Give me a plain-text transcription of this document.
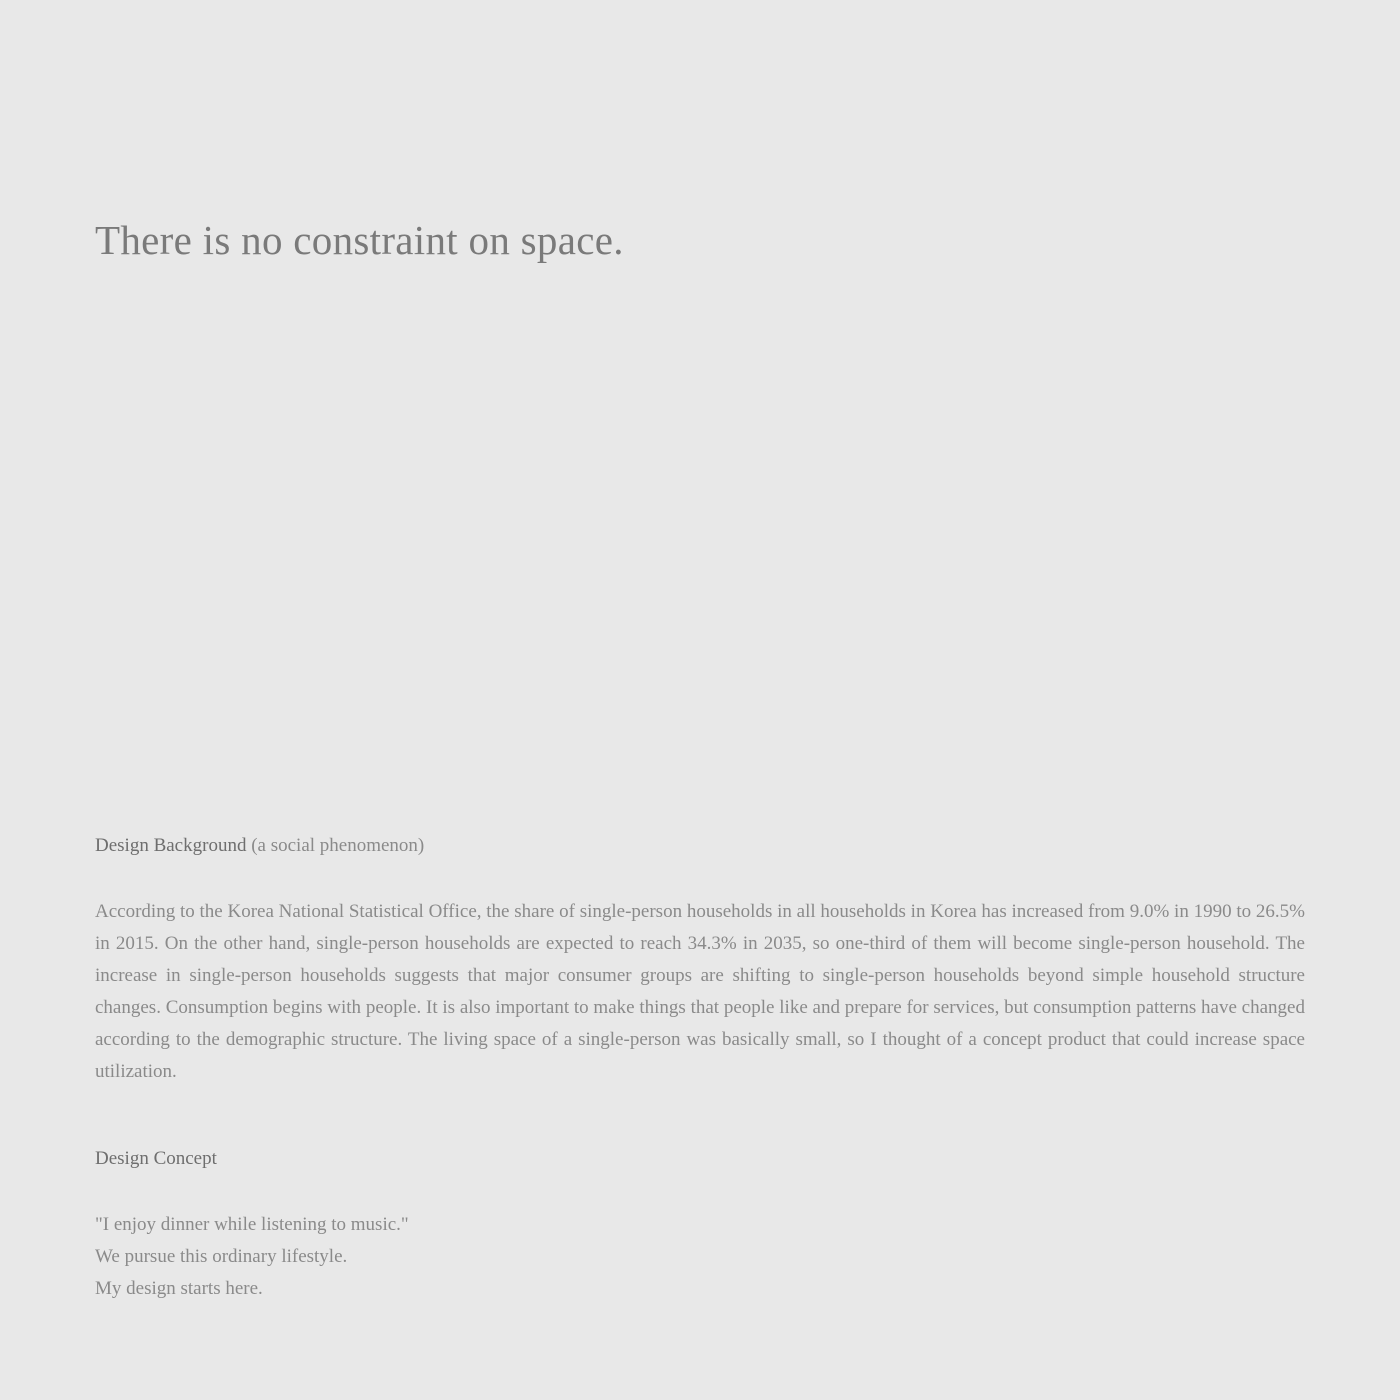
There is no constraint on space.
Design Background (a social phenomenon)

According to the Korea National Statistical Office, the share of single-person households in all households in Korea has increased from 9.0% in 1990 to 26.5% in 2015. On the other hand, single-person households are expected to reach 34.3% in 2035, so one-third of them will become single-person household. The increase in single-person households suggests that major consumer groups are shifting to single-person households beyond simple household structure changes. Consumption begins with people. It is also important to make things that people like and prepare for services, but consumption patterns have changed according to the demographic structure. The living space of a single-person was basically small, so I thought of a concept product that could increase space utilization.

Design Concept
"I enjoy dinner while listening to music."
We pursue this ordinary lifestyle.
My design starts here.
